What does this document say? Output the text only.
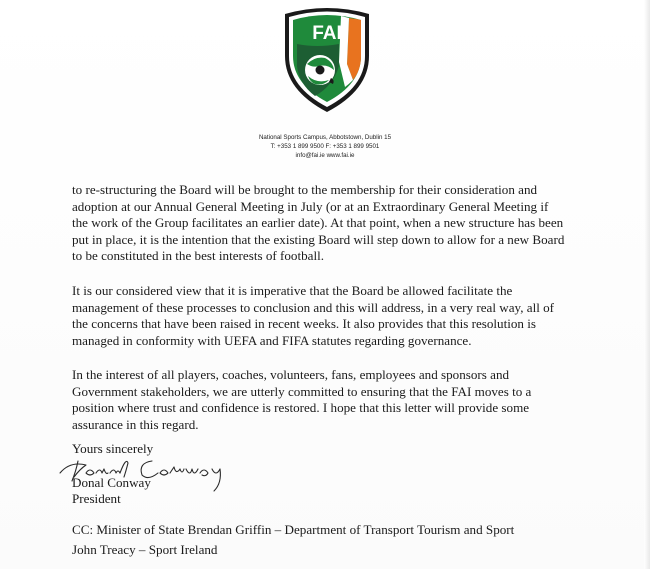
FAI
National Sports Campus, Abbotstown, Dublin 15
T: +353 1 899 9500 F: +353 1 899 9501
info@fai.ie www.fai.ie
to re-structuring the Board will be brought to the membership for their consideration and
adoption at our Annual General Meeting in July (or at an Extraordinary General Meeting if
the work of the Group facilitates an earlier date). At that point, when a new structure has been
put in place, it is the intention that the existing Board will step down to allow for a new Board
to be constituted in the best interests of football.
It is our considered view that it is imperative that the Board be allowed facilitate the
management of these processes to conclusion and this will address, in a very real way, all of
the concerns that have been raised in recent weeks. It also provides that this resolution is
managed in conformity with UEFA and FIFA statutes regarding governance.
In the interest of all players, coaches, volunteers, fans, employees and sponsors and
Government stakeholders, we are utterly committed to ensuring that the FAI moves to a
position where trust and confidence is restored. I hope that this letter will provide some
assurance in this regard.
Yours sincerely
Donal Conway
President
CC: Minister of State Brendan Griffin – Department of Transport Tourism and Sport
John Treacy – Sport Ireland
